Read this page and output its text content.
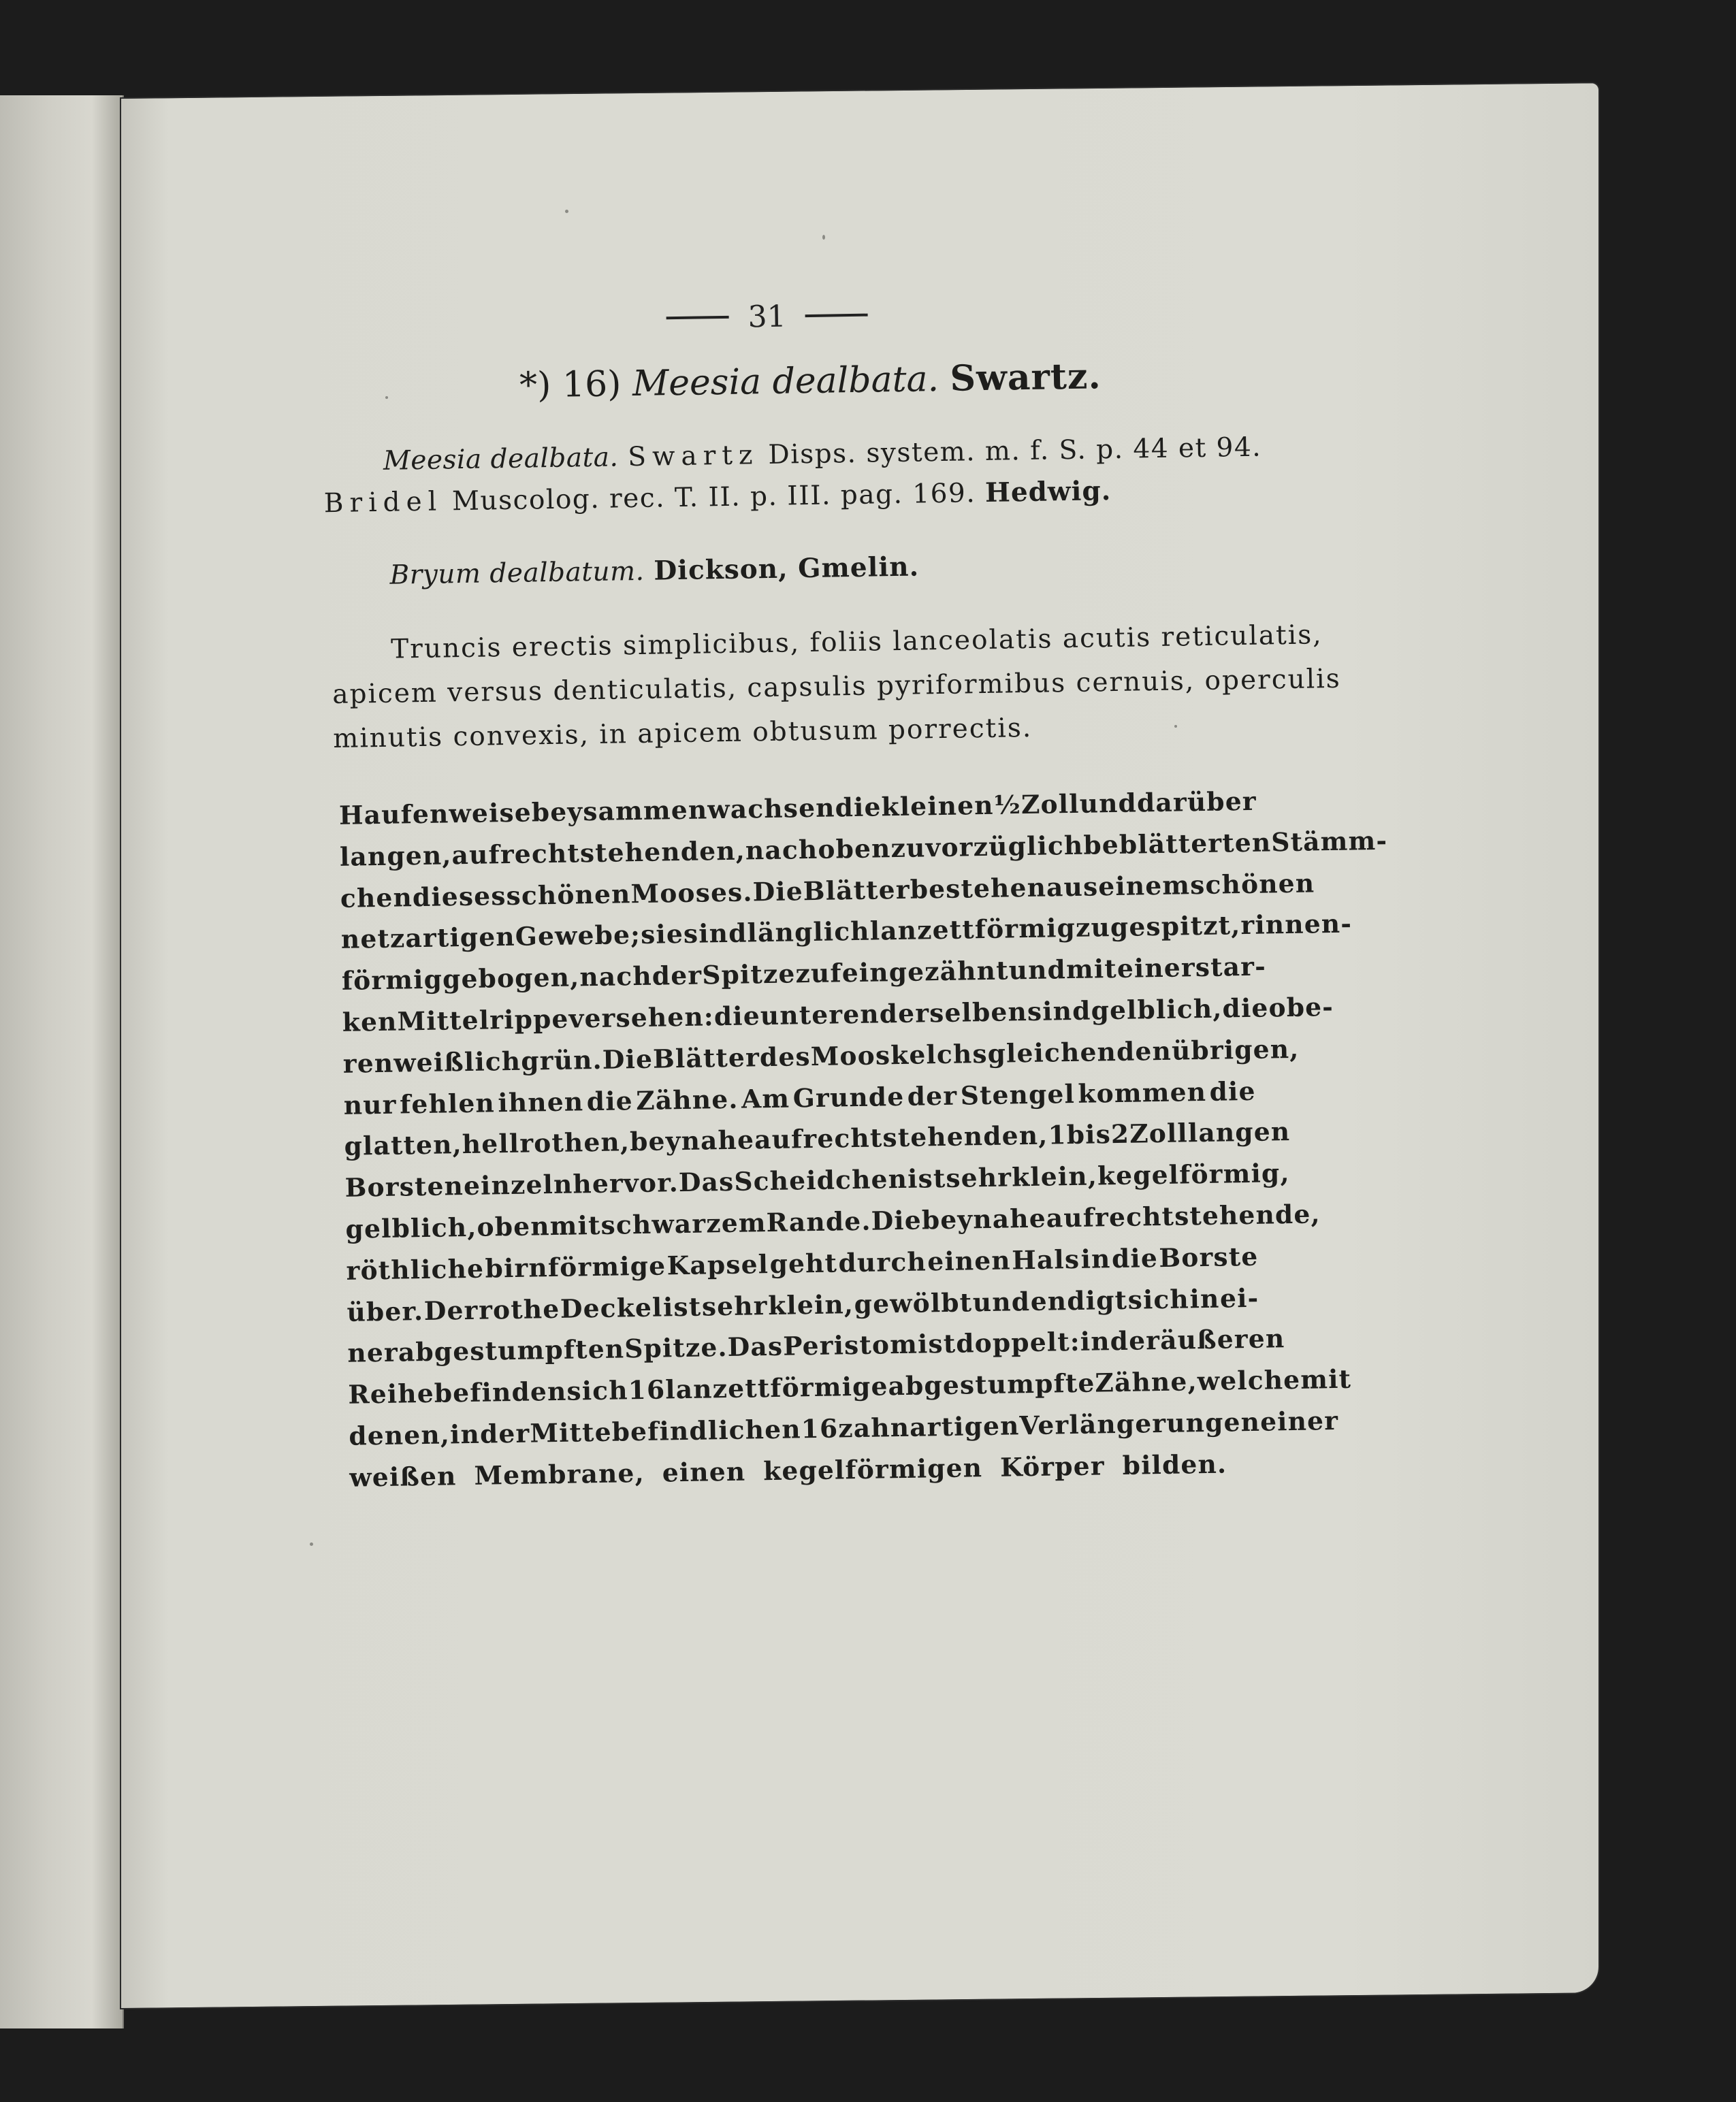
31
*) 16) Meesia dealbata. Swartz.
Meesia dealbata. Swartz Disps. system. m. f. S. p. 44 et 94.
Bridel Muscolog. rec. T. II. p. III. pag. 169. Hedwig.
Bryum dealbatum. Dickson, Gmelin.
Truncis erectis simplicibus, foliis lanceolatis acutis reticulatis,
apicem versus denticulatis, capsulis pyriformibus cernuis, operculis
minutis convexis, in apicem obtusum porrectis.
Haufenweise beysammen wachsen die kleinen ½ Zoll und darüber
langen, aufrechtstehenden, nach oben zu vorzüglich beblätterten Stämm-
chen dieses schönen Mooses. Die Blätter bestehen aus einem schönen
netzartigen Gewebe; sie sind länglich lanzettförmig zugespitzt, rinnen-
förmig gebogen, nach der Spitze zu fein gezähnt und mit einer star-
ken Mittelrippe versehen: die unteren derselben sind gelblich, die obe-
ren weißlich grün. Die Blätter des Mooskelchs gleichen den übrigen,
nur fehlen ihnen die Zähne. Am Grunde der Stengel kommen die
glatten, hellrothen, beynahe aufrechtstehenden, 1 bis 2 Zoll langen
Borsten einzeln hervor. Das Scheidchen ist sehr klein, kegelförmig,
gelblich, oben mit schwarzem Rande. Die beynahe aufrechtstehende,
röthliche birnförmige Kapsel geht durch einen Hals in die Borste
über. Der rothe Deckel ist sehr klein, gewölbt und endigt sich in ei-
ner abgestumpften Spitze. Das Peristom ist doppelt: in der äußeren
Reihe befinden sich 16 lanzettförmige abgestumpfte Zähne, welche mit
denen, in der Mitte befindlichen 16 zahnartigen Verlängerungen einer
weißen Membrane, einen kegelförmigen Körper bilden.
